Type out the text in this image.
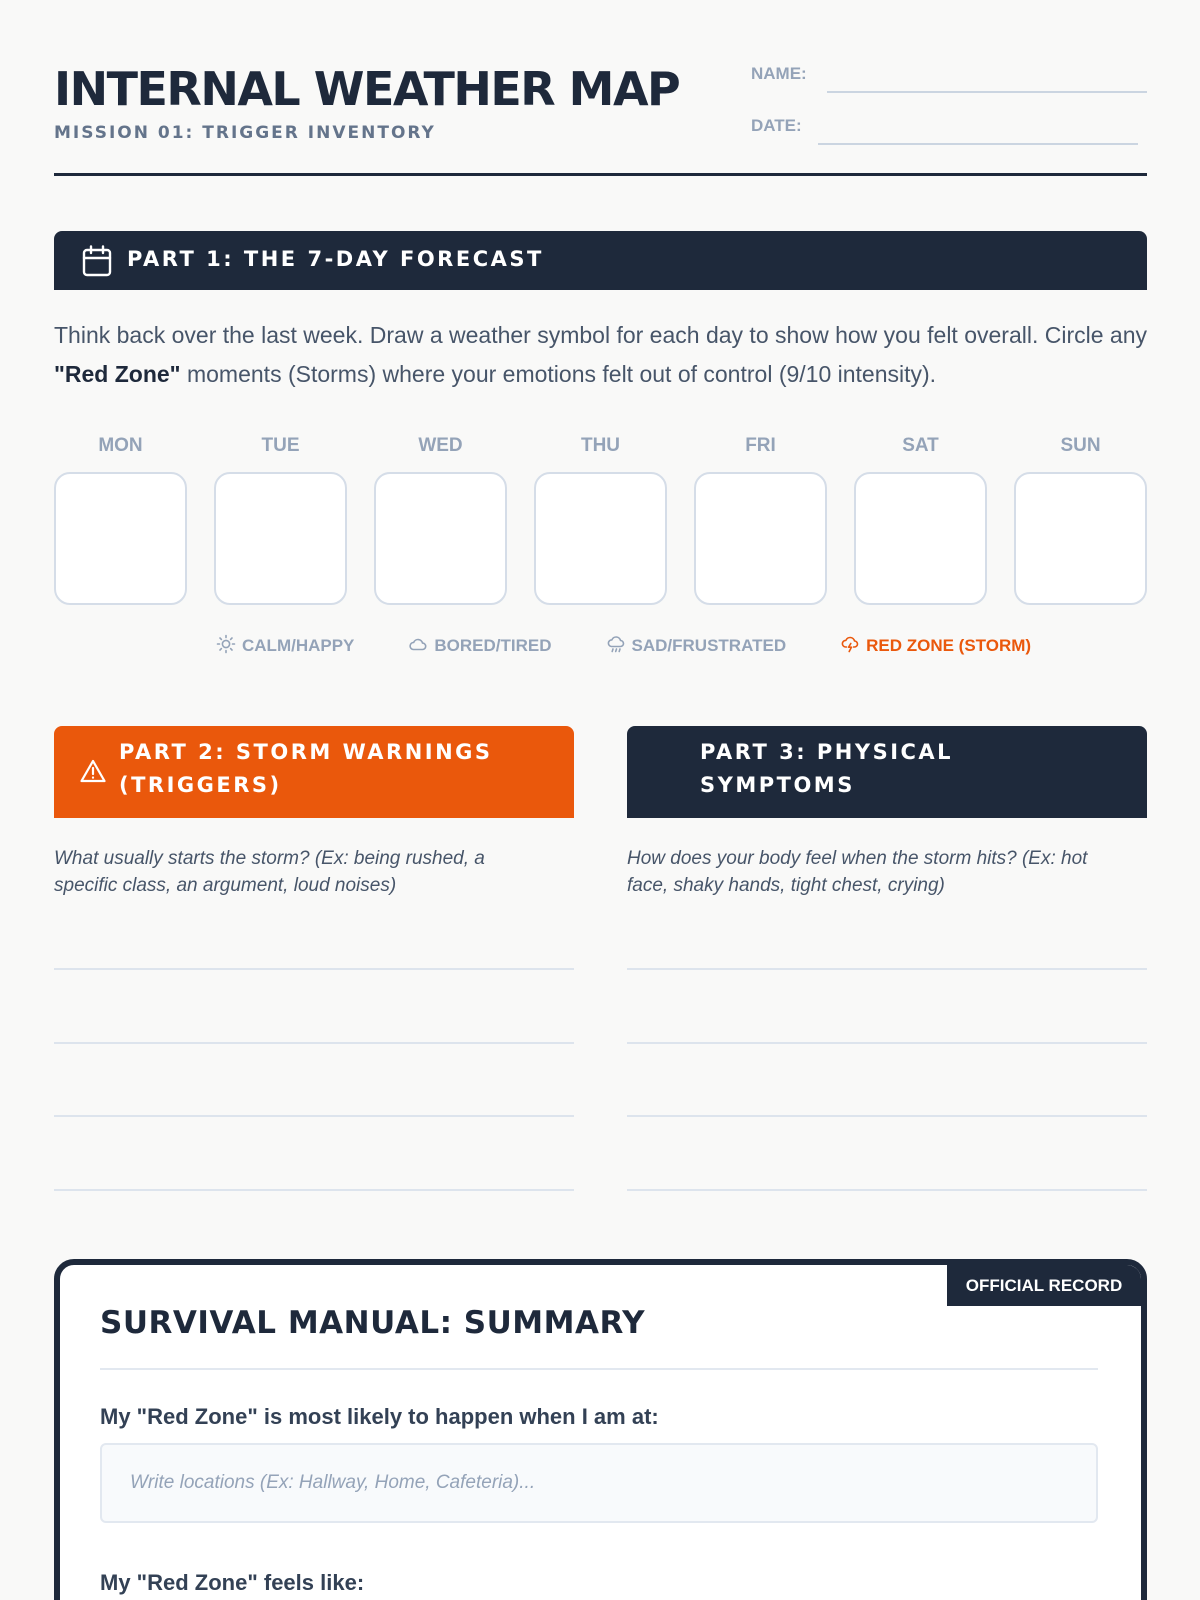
INTERNAL WEATHER MAP
MISSION 01: TRIGGER INVENTORY
NAME:
DATE:
PART 1: THE 7-DAY FORECAST

Think back over the last week. Draw a weather symbol for each day to show how you felt overall. Circle any "Red Zone" moments (Storms) where your emotions felt out of control (9/10 intensity).

MON	TUE	WED	THU	FRI	SAT	SUN
CALM/HAPPY	BORED/TIRED	SAD/FRUSTRATED	RED ZONE (STORM)
PART 2: STORM WARNINGS
(TRIGGERS)
What usually starts the storm? (Ex: being rushed, a specific class, an argument, loud noises)
PART 3: PHYSICAL
SYMPTOMS
How does your body feel when the storm hits? (Ex: hot face, shaky hands, tight chest, crying)
OFFICIAL RECORD
SURVIVAL MANUAL: SUMMARY
My "Red Zone" is most likely to happen when I am at:
Write locations (Ex: Hallway, Home, Cafeteria)...
My "Red Zone" feels like:
